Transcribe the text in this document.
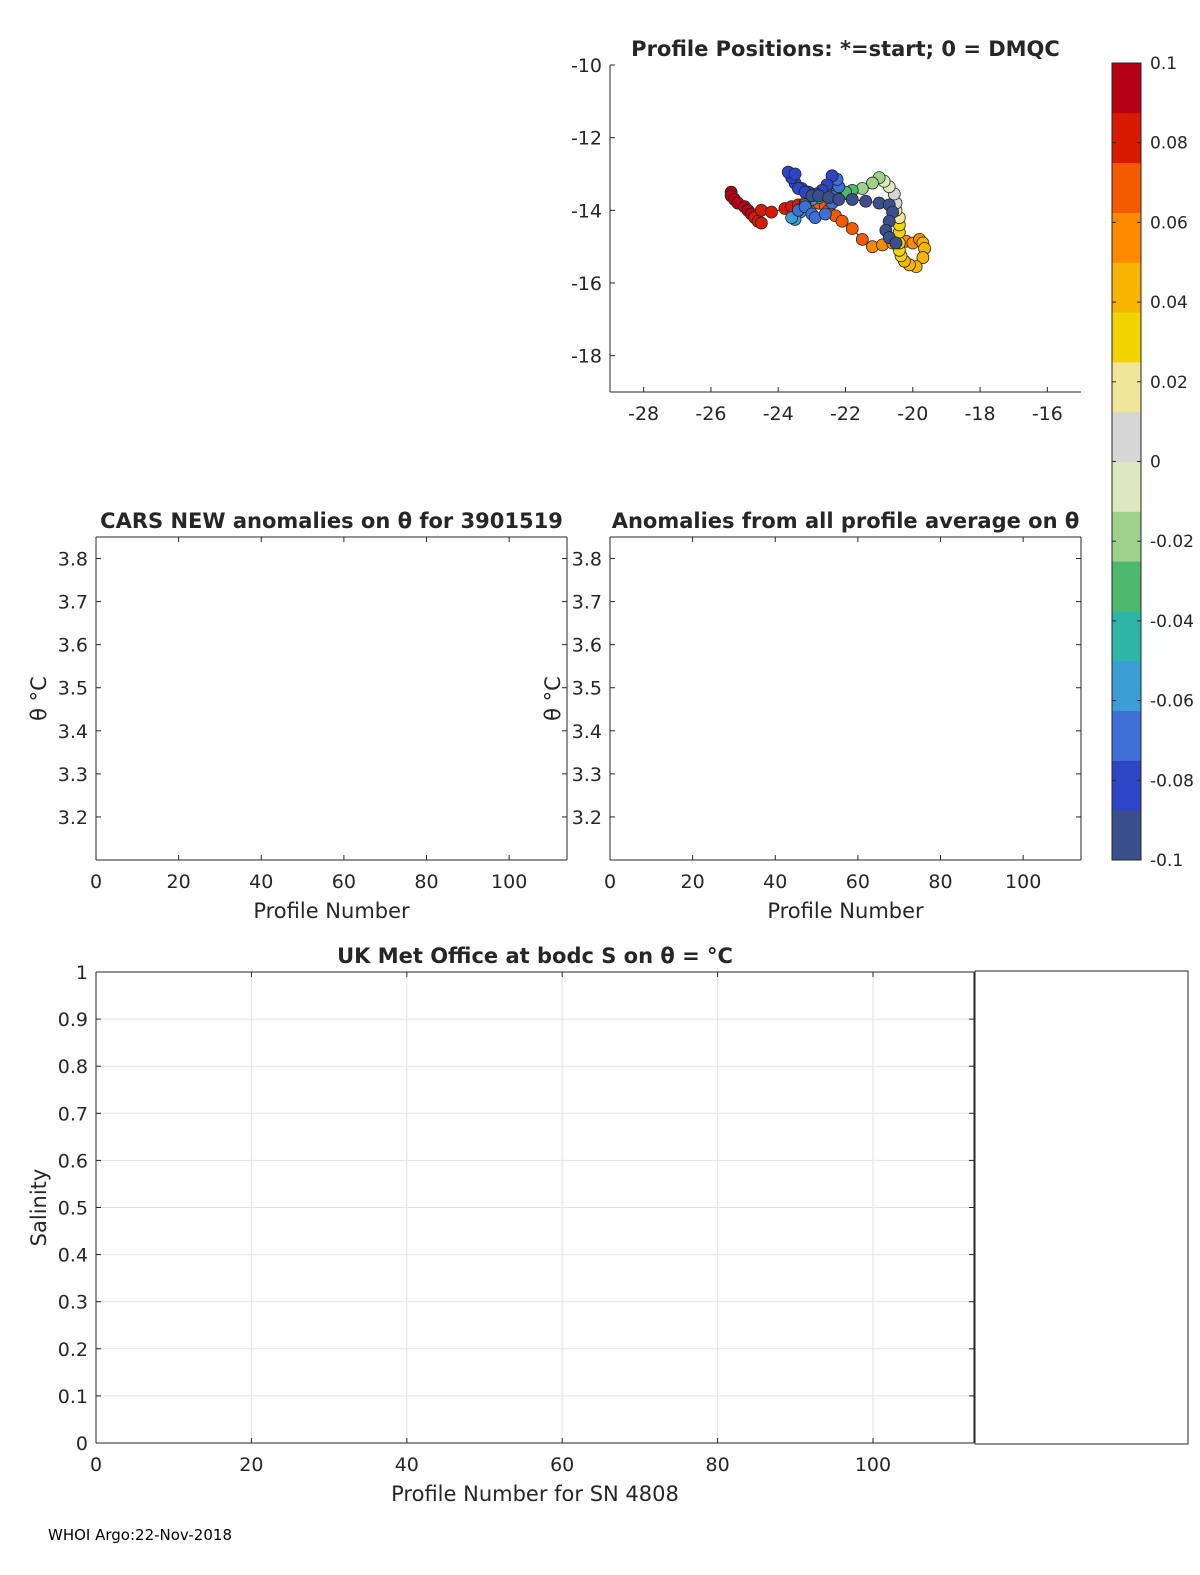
-28 -26 -24 -22 -20 -18 -16
-10
-12
-14
-16
-18
Profile Positions: *=start; 0 = DMQC
0.1
0.08
0.06
0.04
0.02
0
-0.02
-0.04
-0.06
-0.08
-0.1
0	20	40	60	80	100
3.2
3.3
3.4
3.5
3.6
3.7
3.8
CARS NEW anomalies on θ for 3901519
Profile Number
θ °C
0	20	40	60	80	100
3.2
3.3
3.4
3.5
3.6
3.7
3.8
Anomalies from all profile average on θ
Profile Number
θ °C
0	20	40	60	80	100
0
0.1
0.2
0.3
0.4
0.5
0.6
0.7
0.8
0.9
1
UK Met Office at bodc S on θ = °C
Profile Number for SN 4808
Salinity
WHOI Argo:22-Nov-2018
